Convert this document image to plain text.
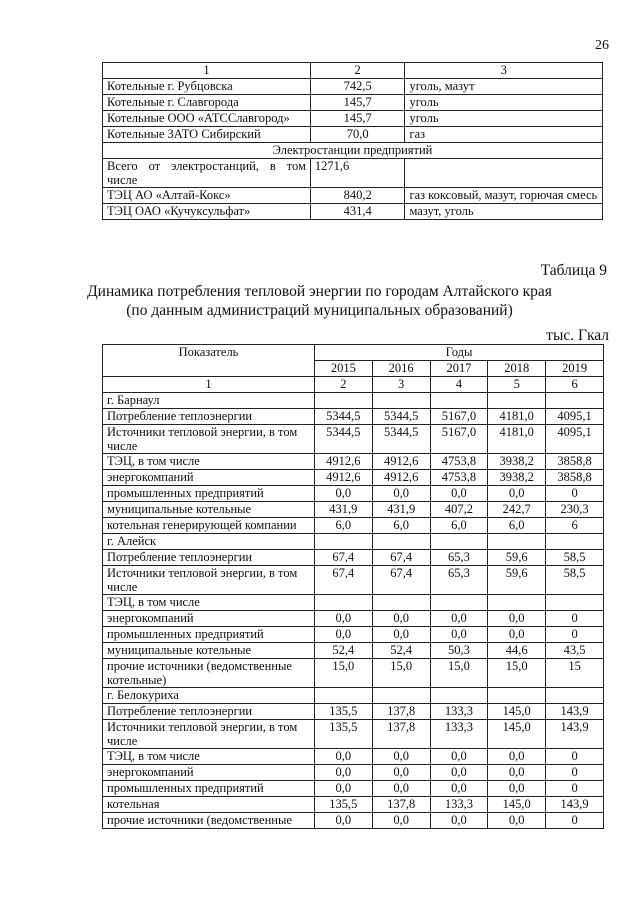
26
1	2	3
Котельные г. Рубцовска	742,5	уголь, мазут
Котельные г. Славгорода	145,7	уголь
Котельные ООО «АТССлавгород»	145,7	уголь
Котельные ЗАТО Сибирский	70,0	газ
Электростанции предприятий		
Всего от электростанций, в том числе	1271,6	
ТЭЦ АО «Алтай-Кокс»	840,2	газ коксовый, мазут, горючая смесь
ТЭЦ ОАО «Кучуксульфат»	431,4	мазут, уголь
Таблица 9
Динамика потребления тепловой энергии по городам Алтайского края
(по данным администраций муниципальных образований)
тыс. Гкал
Показатель	Годы				
	2015	2016	2017	2018	2019
1	2	3	4	5	6
г. Барнаул					
Потребление теплоэнергии	5344,5	5344,5	5167,0	4181,0	4095,1
Источники тепловой энергии, в том числе	5344,5	5344,5	5167,0	4181,0	4095,1
ТЭЦ, в том числе	4912,6	4912,6	4753,8	3938,2	3858,8
энергокомпаний	4912,6	4912,6	4753,8	3938,2	3858,8
промышленных предприятий	0,0	0,0	0,0	0,0	0
муниципальные котельные	431,9	431,9	407,2	242,7	230,3
котельная генерирующей компании	6,0	6,0	6,0	6,0	6
г. Алейск					
Потребление теплоэнергии	67,4	67,4	65,3	59,6	58,5
Источники тепловой энергии, в том числе	67,4	67,4	65,3	59,6	58,5
ТЭЦ, в том числе					
энергокомпаний	0,0	0,0	0,0	0,0	0
промышленных предприятий	0,0	0,0	0,0	0,0	0
муниципальные котельные	52,4	52,4	50,3	44,6	43,5
прочие источники (ведомственные котельные)	15,0	15,0	15,0	15,0	15
г. Белокуриха					
Потребление теплоэнергии	135,5	137,8	133,3	145,0	143,9
Источники тепловой энергии, в том числе	135,5	137,8	133,3	145,0	143,9
ТЭЦ, в том числе	0,0	0,0	0,0	0,0	0
энергокомпаний	0,0	0,0	0,0	0,0	0
промышленных предприятий	0,0	0,0	0,0	0,0	0
котельная	135,5	137,8	133,3	145,0	143,9
прочие источники (ведомственные	0,0	0,0	0,0	0,0	0
